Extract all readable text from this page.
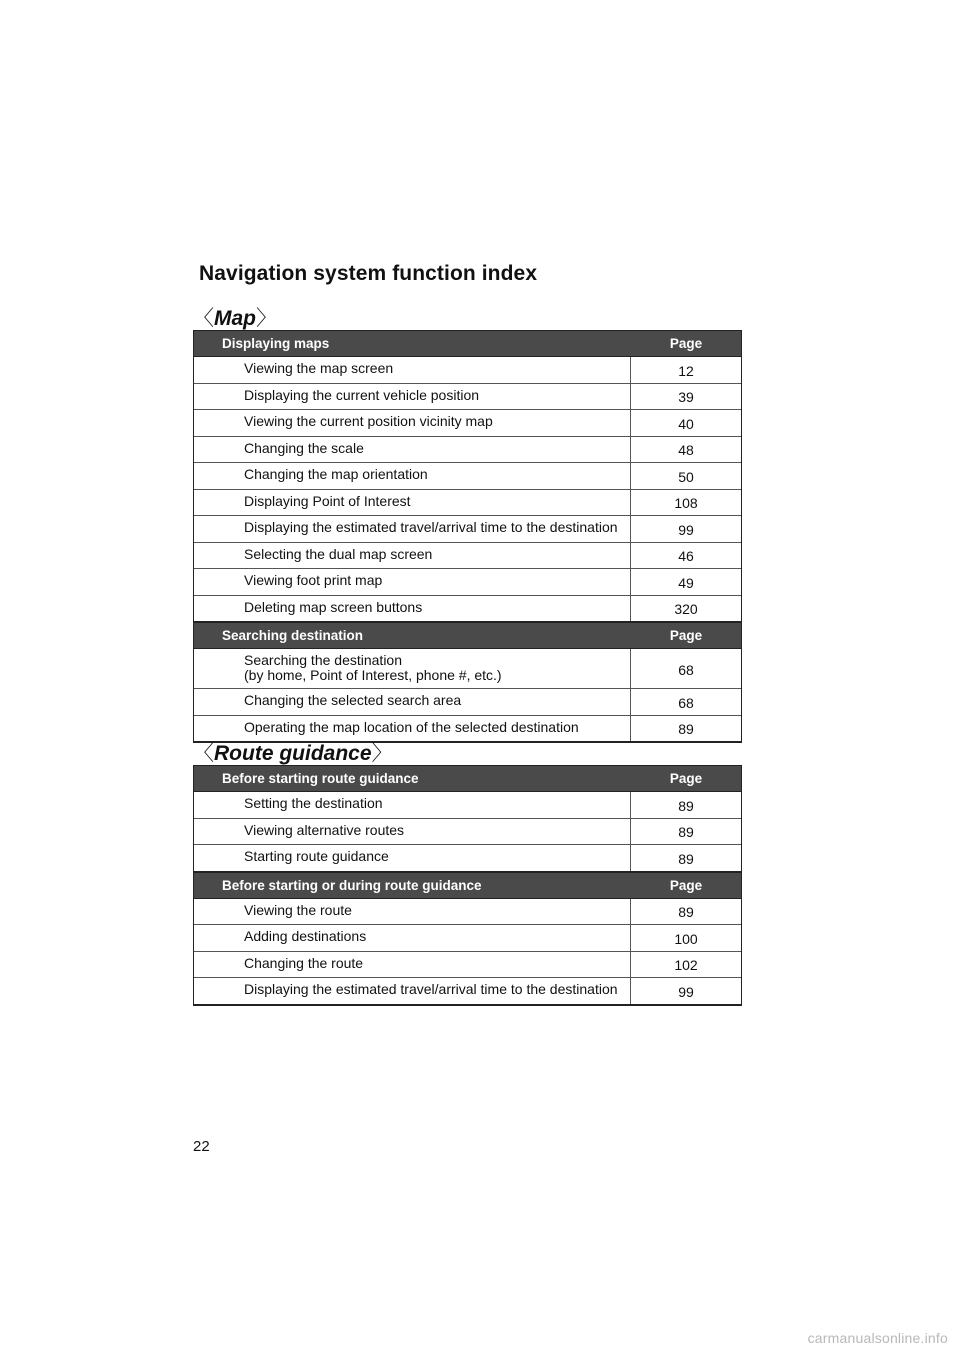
Navigation system function index
〈Map〉
Displaying maps	Page
Viewing the map screen	12
Displaying the current vehicle position	39
Viewing the current position vicinity map	40
Changing the scale	48
Changing the map orientation	50
Displaying Point of Interest	108
Displaying the estimated travel/arrival time to the destination	99
Selecting the dual map screen	46
Viewing foot print map	49
Deleting map screen buttons	320
Searching destination	Page
Searching the destination
(by home, Point of Interest, phone #, etc.)	68
Changing the selected search area	68
Operating the map location of the selected destination	89
〈Route guidance〉
Before starting route guidance	Page
Setting the destination	89
Viewing alternative routes	89
Starting route guidance	89
Before starting or during route guidance	Page
Viewing the route	89
Adding destinations	100
Changing the route	102
Displaying the estimated travel/arrival time to the destination	99
22
carmanualsonline.info
